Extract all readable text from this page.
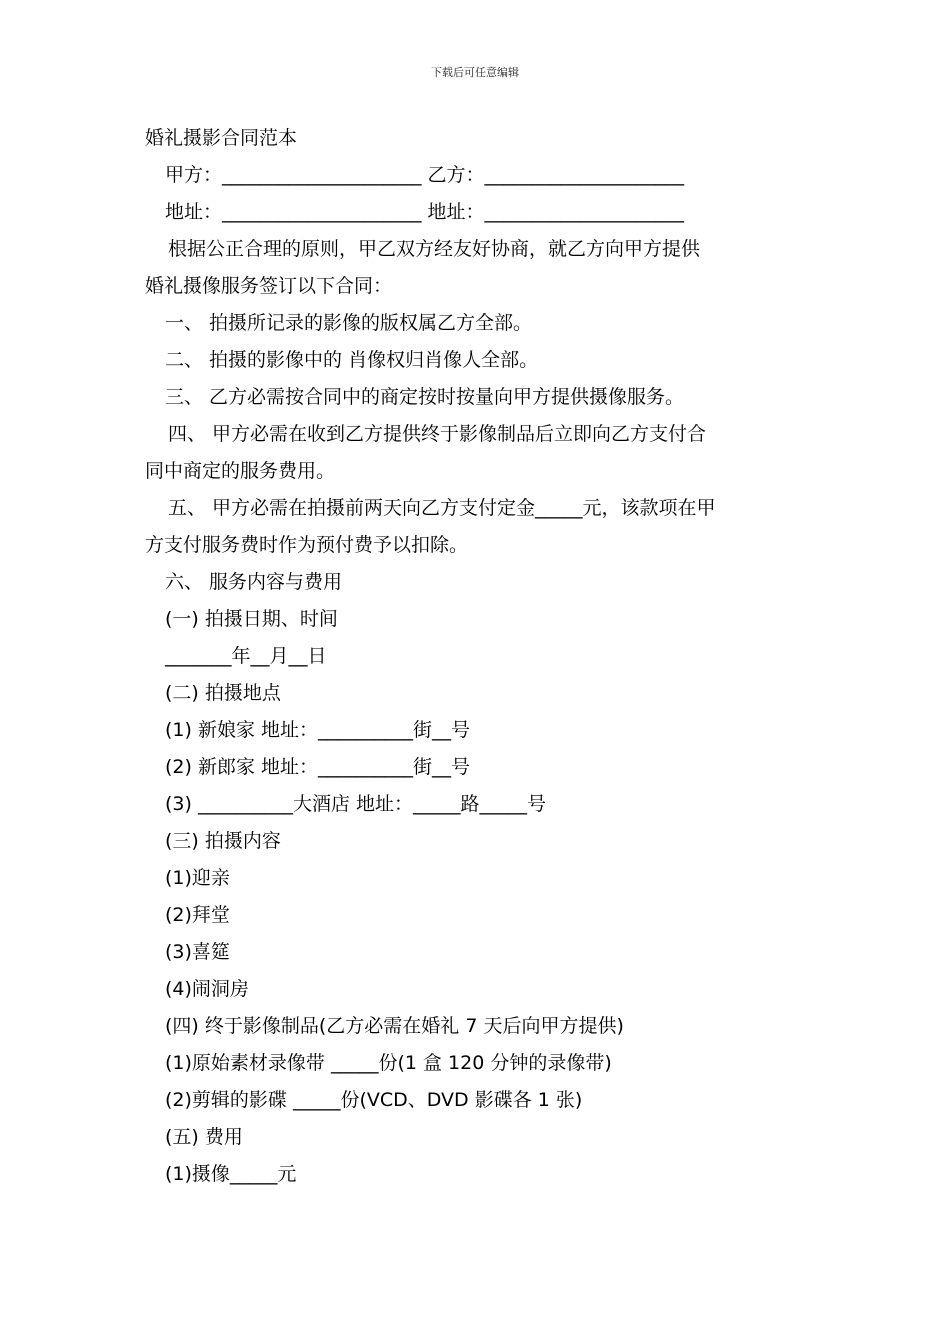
下载后可任意编辑
婚礼摄影合同范本
甲方：_____________________ 乙方：_____________________
地址：_____________________ 地址：_____________________
根据公正合理的原则，甲乙双方经友好协商，就乙方向甲方提供
婚礼摄像服务签订以下合同：
一、 拍摄所记录的影像的版权属乙方全部。
二、 拍摄的影像中的 肖像权归肖像人全部。
三、 乙方必需按合同中的商定按时按量向甲方提供摄像服务。
四、 甲方必需在收到乙方提供终于影像制品后立即向乙方支付合
同中商定的服务费用。
五、 甲方必需在拍摄前两天向乙方支付定金_____元，该款项在甲
方支付服务费时作为预付费予以扣除。
六、 服务内容与费用
(一) 拍摄日期、时间
_______年__月__日
(二) 拍摄地点
(1) 新娘家 地址：__________街__号
(2) 新郎家 地址：__________街__号
(3) __________大酒店 地址：_____路_____号
(三) 拍摄内容
(1)迎亲
(2)拜堂
(3)喜筵
(4)闹洞房
(四) 终于影像制品(乙方必需在婚礼 7 天后向甲方提供)
(1)原始素材录像带 _____份(1 盒 120 分钟的录像带)
(2)剪辑的影碟 _____份(VCD、DVD 影碟各 1 张)
(五) 费用
(1)摄像_____元
